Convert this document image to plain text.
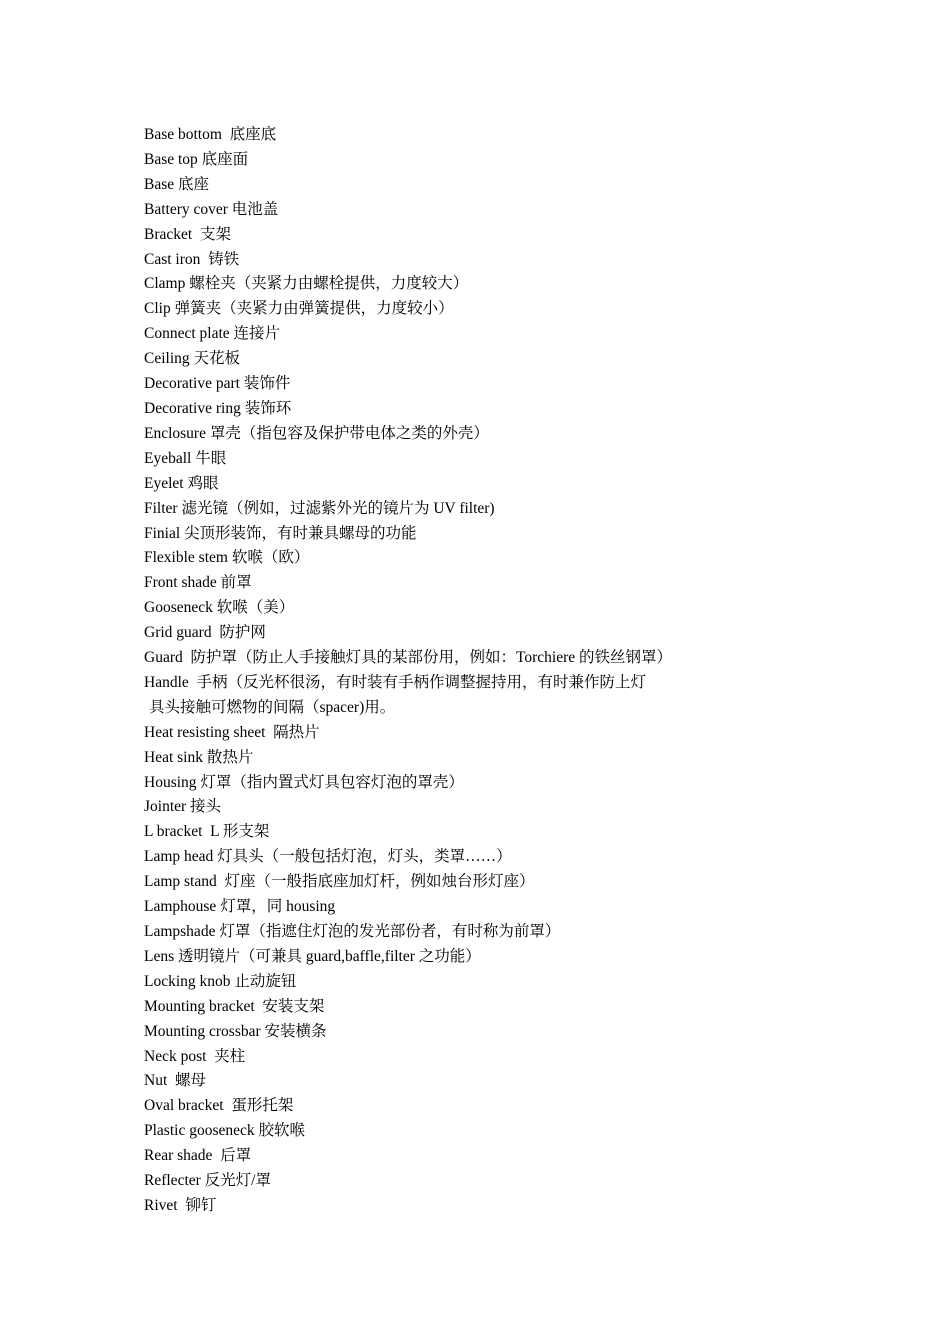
Base bottom  底座底
Base top 底座面
Base 底座
Battery cover 电池盖
Bracket  支架
Cast iron  铸铁
Clamp 螺栓夹（夹紧力由螺栓提供，力度较大）
Clip 弹簧夹（夹紧力由弹簧提供，力度较小）
Connect plate 连接片
Ceiling 天花板
Decorative part 装饰件
Decorative ring 装饰环
Enclosure 罩壳（指包容及保护带电体之类的外壳）
Eyeball 牛眼
Eyelet 鸡眼
Filter 滤光镜（例如，过滤紫外光的镜片为 UV filter)
Finial 尖顶形装饰，有时兼具螺母的功能
Flexible stem 软喉（欧）
Front shade 前罩
Gooseneck 软喉（美）
Grid guard  防护网
Guard  防护罩（防止人手接触灯具的某部份用，例如：Torchiere 的铁丝钢罩）
Handle  手柄（反光杯很汤，有时装有手柄作调整握持用，有时兼作防上灯
具头接触可燃物的间隔（spacer)用。
Heat resisting sheet  隔热片
Heat sink 散热片
Housing 灯罩（指内置式灯具包容灯泡的罩壳）
Jointer 接头
L bracket  L 形支架
Lamp head 灯具头（一般包括灯泡，灯头，类罩……）
Lamp stand  灯座（一般指底座加灯杆，例如烛台形灯座）
Lamphouse 灯罩，同 housing
Lampshade 灯罩（指遮住灯泡的发光部份者，有时称为前罩）
Lens 透明镜片（可兼具 guard,baffle,filter 之功能）
Locking knob 止动旋钮
Mounting bracket  安装支架
Mounting crossbar 安装横条
Neck post  夹柱
Nut  螺母
Oval bracket  蛋形托架
Plastic gooseneck 胶软喉
Rear shade  后罩
Reflecter 反光灯/罩
Rivet  铆钉
